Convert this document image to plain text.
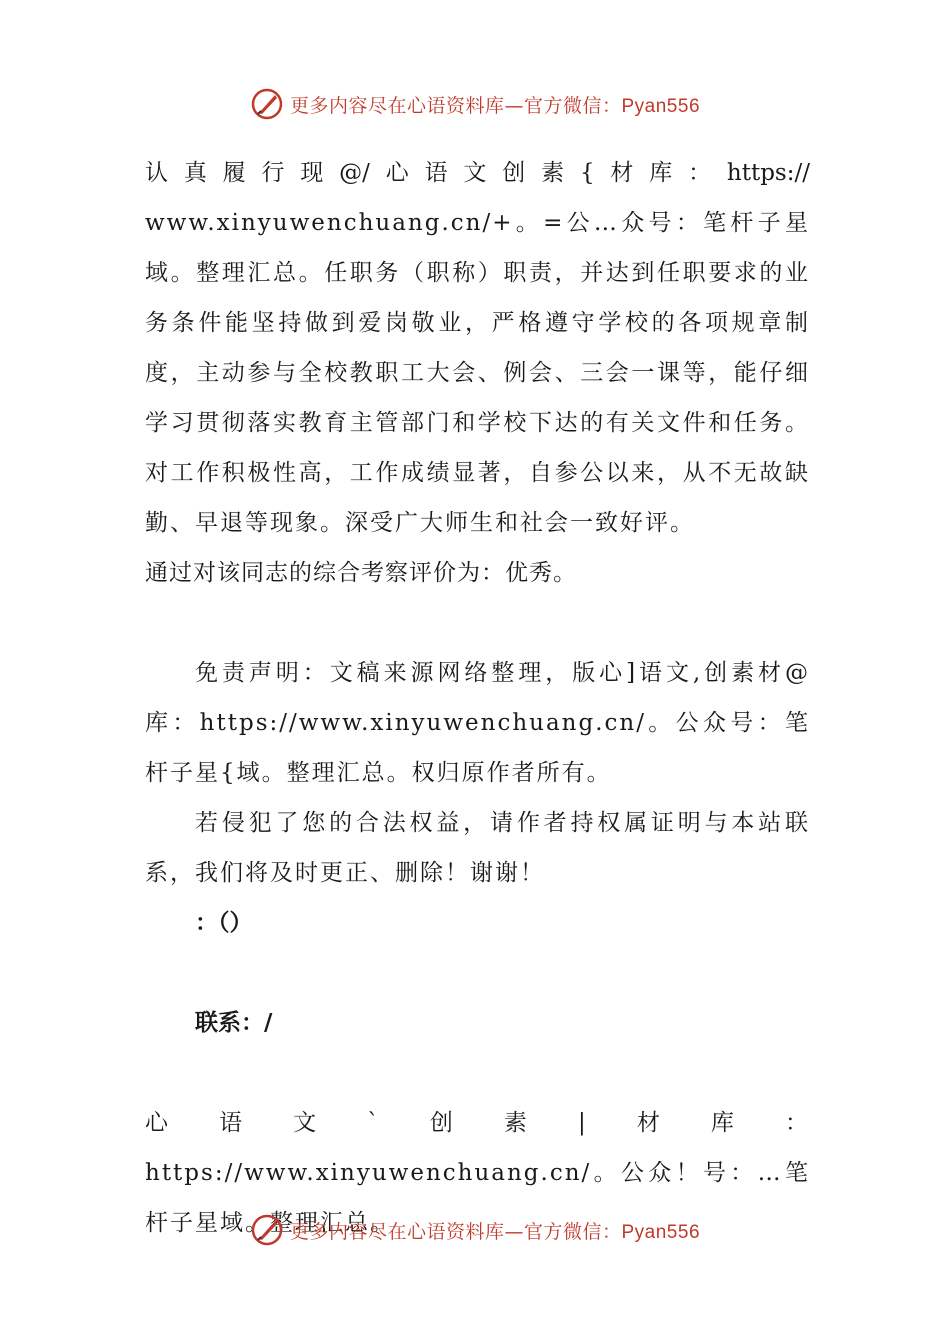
更多内容尽在心语资料库—官方微信：Pyan556

认真履行现@/心语文创素{材库：https://

www.xinyuwenchuang.cn/+。=公…众号：笔杆子星域。整理汇总。任职务（职称）职责，并达到任职要求的业务条件能坚持做到爱岗敬业，严格遵守学校的各项规章制度，主动参与全校教职工大会、例会、三会一课等，能仔细学习贯彻落实教育主管部门和学校下达的有关文件和任务。对工作积极性高，工作成绩显著，自参公以来，从不无故缺勤、早退等现象。深受广大师生和社会一致好评。

通过对该同志的综合考察评价为：优秀。

免责声明：文稿来源网络整理，版心]语文,创素材@库：https://www.xinyuwenchuang.cn/。公众号：笔杆子星{域。整理汇总。权归原作者所有。

若侵犯了您的合法权益，请作者持权属证明与本站联系，我们将及时更正、删除！谢谢！

：（）

联系：/

心语文`创素|材库：https://www.xinyuwenchuang.cn/。公众！号：…笔杆子星域。整理汇总。

更多内容尽在心语资料库—官方微信：Pyan556
